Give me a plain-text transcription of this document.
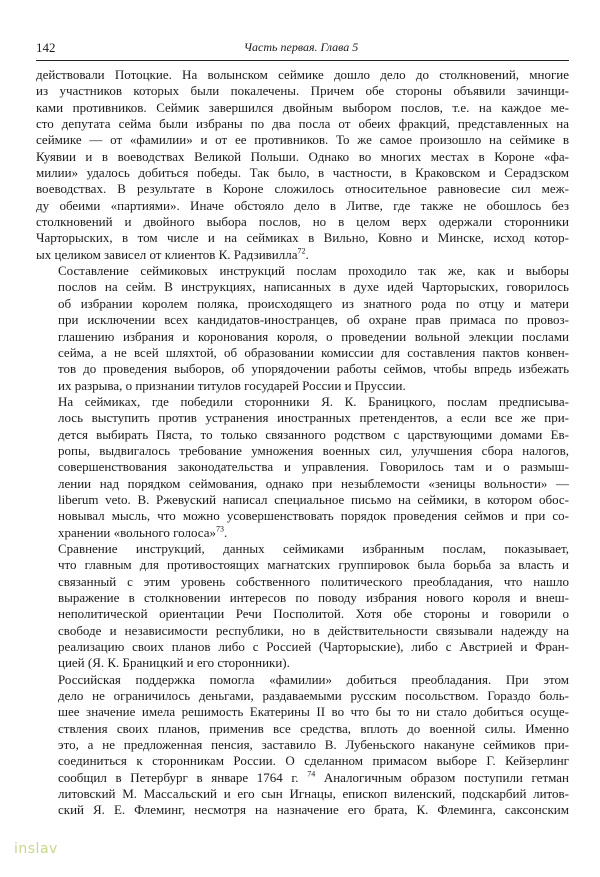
142	Часть первая. Глава 5

действовали Потоцкие. На волынском сеймике дошло дело до столкновений, многие
из участников которых были покалечены. Причем обе стороны объявили зачинщи-
ками противников. Сеймик завершился двойным выбором послов, т.е. на каждое ме-
сто депутата сейма были избраны по два посла от обеих фракций, представленных на
сеймике — от «фамилии» и от ее противников. То же самое произошло на сеймике в
Куявии и в воеводствах Великой Польши. Однако во многих местах в Короне «фа-
милии» удалось добиться победы. Так было, в частности, в Краковском и Серадзском
воеводствах. В результате в Короне сложилось относительное равновесие сил меж-
ду обеими «партиями». Иначе обстояло дело в Литве, где также не обошлось без
столкновений и двойного выбора послов, но в целом верх одержали сторонники
Чарторыских, в том числе и на сеймиках в Вильно, Ковно и Минске, исход котор-
ых целиком зависел от клиентов К. Радзивилла$^{72}$.

Составление сеймиковых инструкций послам проходило так же, как и выборы
послов на сейм. В инструкциях, написанных в духе идей Чарторыских, говорилось
об избрании королем поляка, происходящего из знатного рода по отцу и матери
при исключении всех кандидатов-иностранцев, об охране прав примаса по провоз-
глашению избрания и коронования короля, о проведении вольной элекции послами
сейма, а не всей шляхтой, об образовании комиссии для составления пактов конвен-
тов до проведения выборов, об упорядочении работы сеймов, чтобы впредь избежать
их разрыва, о признании титулов государей России и Пруссии.

На сеймиках, где победили сторонники Я. К. Браницкого, послам предписыва-
лось выступить против устранения иностранных претендентов, а если все же при-
дется выбирать Пяста, то только связанного родством с царствующими домами Ев-
ропы, выдвигалось требование умножения военных сил, улучшения сбора налогов,
совершенствования законодательства и управления. Говорилось там и о размыш-
лении над порядком сеймования, однако при незыблемости «зеницы вольности» —
liberum veto. В. Ржевуский написал специальное письмо на сеймики, в котором обос-
новывал мысль, что можно усовершенствовать порядок проведения сеймов и при со-
хранении «вольного голоса»$^{73}$.

Сравнение инструкций, данных сеймиками избранным послам, показывает,
что главным для противостоящих магнатских группировок была борьба за власть и
связанный с этим уровень собственного политического преобладания, что нашло
выражение в столкновении интересов по поводу избрания нового короля и внеш-
неполитической ориентации Речи Посполитой. Хотя обе стороны и говорили о
свободе и независимости республики, но в действительности связывали надежду на
реализацию своих планов либо с Россией (Чарторыские), либо с Австрией и Фран-
цией (Я. К. Браницкий и его сторонники).

Российская поддержка помогла «фамилии» добиться преобладания. При этом
дело не ограничилось деньгами, раздаваемыми русским посольством. Гораздо боль-
шее значение имела решимость Екатерины II во что бы то ни стало добиться осуще-
ствления своих планов, применив все средства, вплоть до военной силы. Именно
это, а не предложенная пенсия, заставило В. Лубеньского накануне сеймиков при-
соединиться к сторонникам России. О сделанном примасом выборе Г. Кейзерлинг
сообщил в Петербург в январе 1764 г. $^{74}$ Аналогичным образом поступили гетман
литовский М. Массальский и его сын Игнацы, епископ виленский, подскарбий литов-
ский Я. Е. Флеминг, несмотря на назначение его брата, К. Флеминга, саксонским

inslav
